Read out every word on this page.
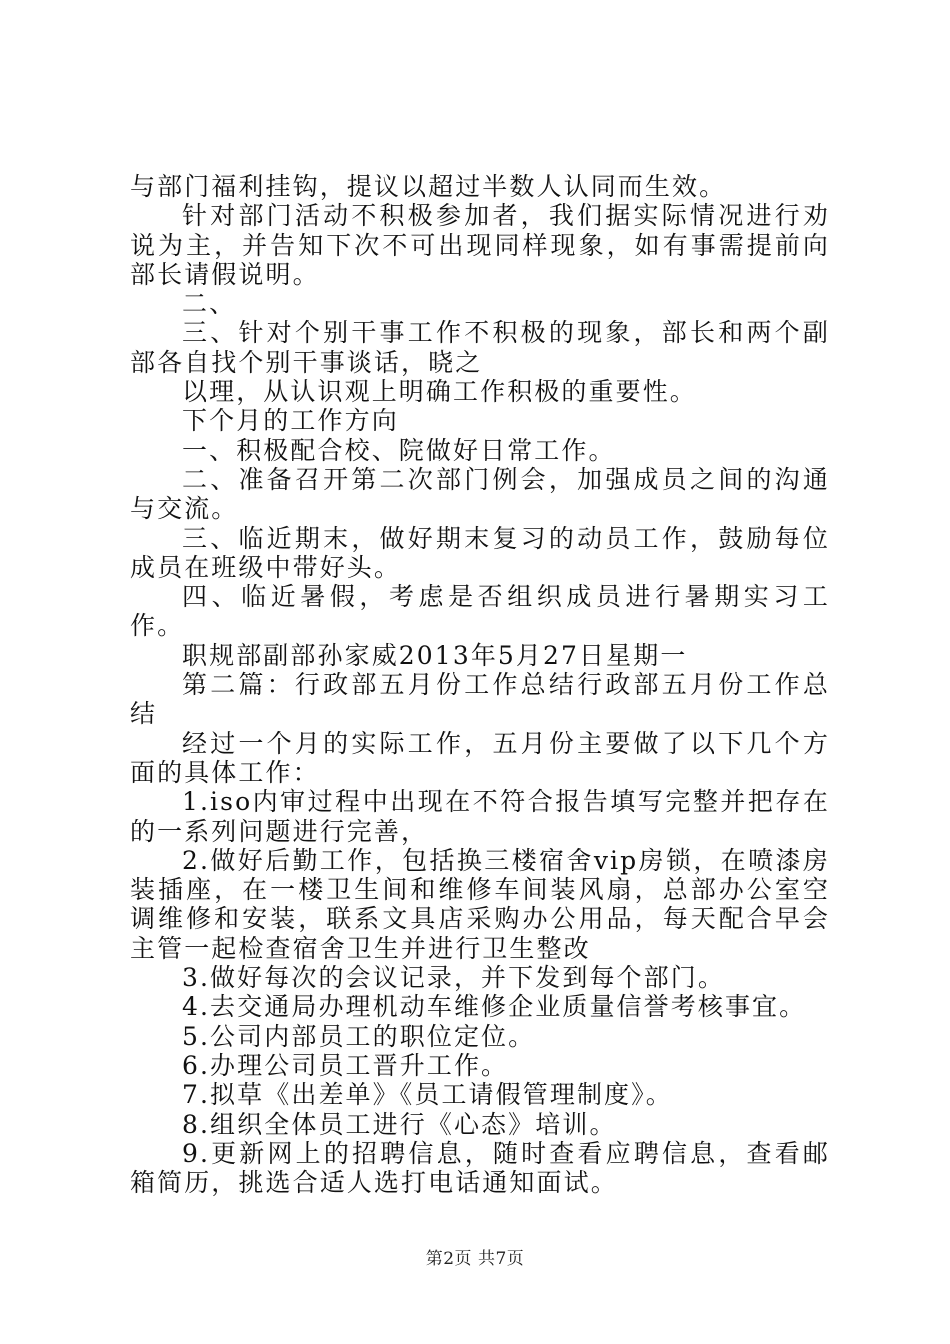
与部门福利挂钩，提议以超过半数人认同而生效。

针对部门活动不积极参加者，我们据实际情况进行劝说为主，并告知下次不可出现同样现象，如有事需提前向部长请假说明。

二、

三、针对个别干事工作不积极的现象，部长和两个副部各自找个别干事谈话，晓之

以理，从认识观上明确工作积极的重要性。

下个月的工作方向

一、积极配合校、院做好日常工作。

二、准备召开第二次部门例会，加强成员之间的沟通与交流。

三、临近期末，做好期末复习的动员工作，鼓励每位成员在班级中带好头。

四、临近暑假，考虑是否组织成员进行暑期实习工作。

职规部副部孙家威2013年5月27日星期一

第二篇：行政部五月份工作总结行政部五月份工作总结

经过一个月的实际工作，五月份主要做了以下几个方面的具体工作：

1.iso内审过程中出现在不符合报告填写完整并把存在的一系列问题进行完善，

2.做好后勤工作，包括换三楼宿舍vip房锁，在喷漆房装插座，在一楼卫生间和维修车间装风扇，总部办公室空调维修和安装，联系文具店采购办公用品，每天配合早会主管一起检查宿舍卫生并进行卫生整改

3.做好每次的会议记录，并下发到每个部门。

4.去交通局办理机动车维修企业质量信誉考核事宜。

5.公司内部员工的职位定位。

6.办理公司员工晋升工作。

7.拟草《出差单》《员工请假管理制度》。

8.组织全体员工进行《心态》培训。

9.更新网上的招聘信息，随时查看应聘信息，查看邮箱简历，挑选合适人选打电话通知面试。

第2页 共7页
